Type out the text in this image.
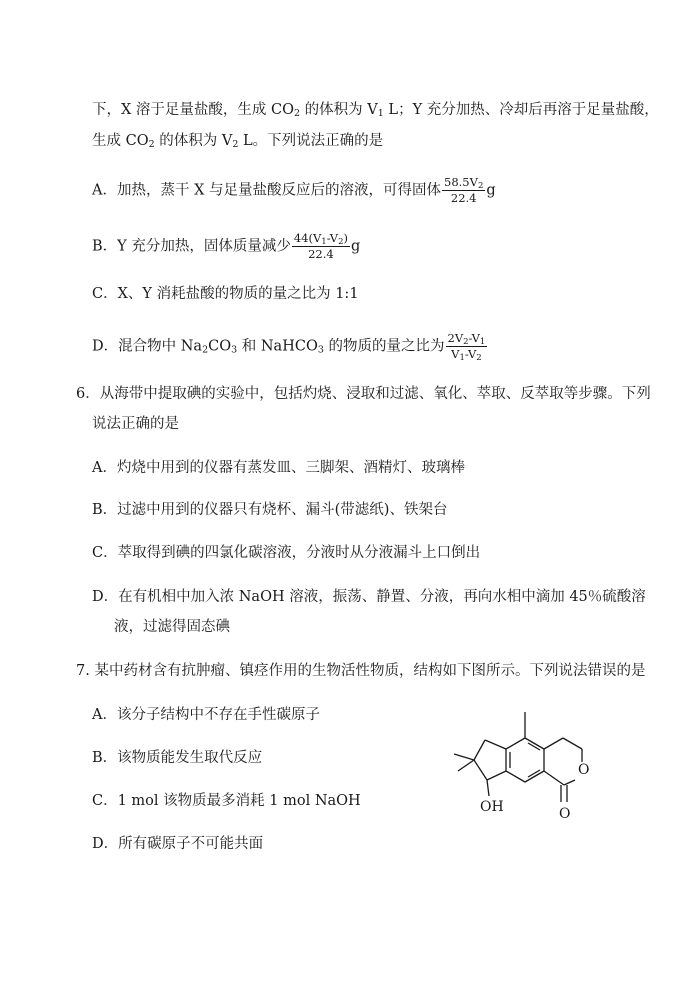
下，X 溶于足量盐酸，生成 $CO_2$ 的体积为 $V_1$ L；Y 充分加热、冷却后再溶于足量盐酸，
生成 $CO_2$ 的体积为 $V_2$ L。下列说法正确的是
A．加热，蒸干 X 与足量盐酸反应后的溶液，可得固体 $\frac{58.5V_2}{22.4}$ g
B．Y 充分加热，固体质量减少 $\frac{44(V_1-V_2)}{22.4}$ g
C．X、Y 消耗盐酸的物质的量之比为 1:1
D．混合物中 $Na_2CO_3$ 和 NaHCO$_3$ 的物质的量之比为 $\frac{2V_2-V_1}{V_1-V_2}$
6．从海带中提取碘的实验中，包括灼烧、浸取和过滤、氧化、萃取、反萃取等步骤。下列
说法正确的是
A．灼烧中用到的仪器有蒸发皿、三脚架、酒精灯、玻璃棒
B．过滤中用到的仪器只有烧杯、漏斗(带滤纸)、铁架台
C．萃取得到碘的四氯化碳溶液，分液时从分液漏斗上口倒出
D．在有机相中加入浓 NaOH 溶液，振荡、静置、分液，再向水相中滴加 45％硫酸溶
液，过滤得固态碘
7. 某中药材含有抗肿瘤、镇痉作用的生物活性物质，结构如下图所示。下列说法错误的是
A．该分子结构中不存在手性碳原子
B．该物质能发生取代反应
C．1 mol 该物质最多消耗 1 mol NaOH
D．所有碳原子不可能共面
O
O
OH
